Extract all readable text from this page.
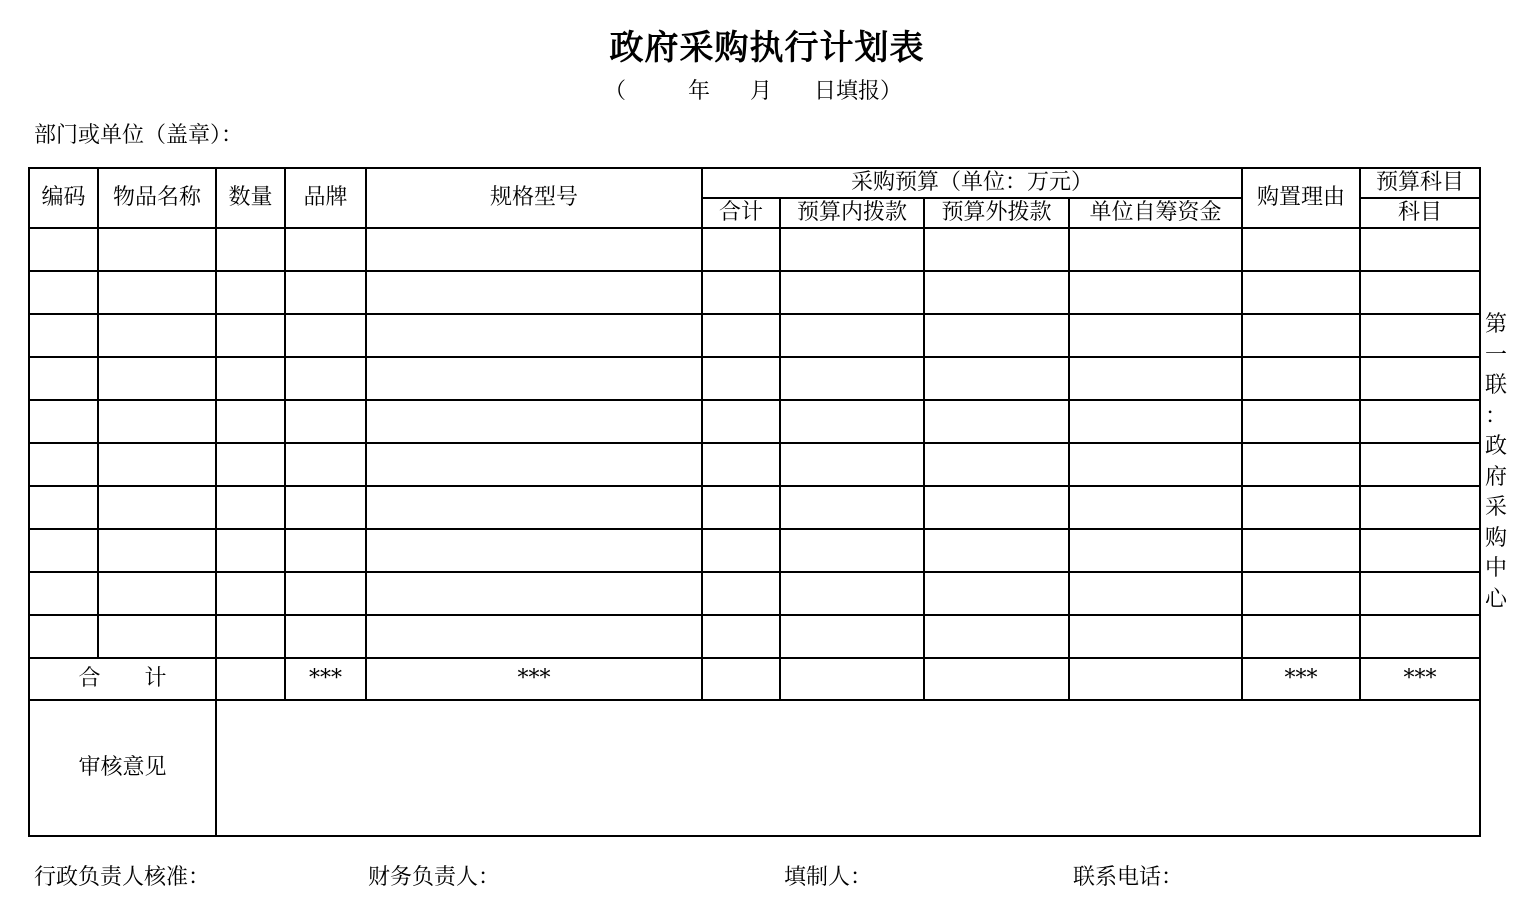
政府采购执行计划表
（	年 月 日填报）
部门或单位（盖章）：
编码	物品名称	数量	品牌	规格型号	采购预算（单位：万元）				购置理由	预算科目
					合计	预算内拨款	预算外拨款	单位自筹资金		科目

合　　计			***	***					***	***
审核意见										
第
一
联
：
政
府
采
购
中
心
行政负责人核准：	财务负责人：	填制人：	联系电话：
